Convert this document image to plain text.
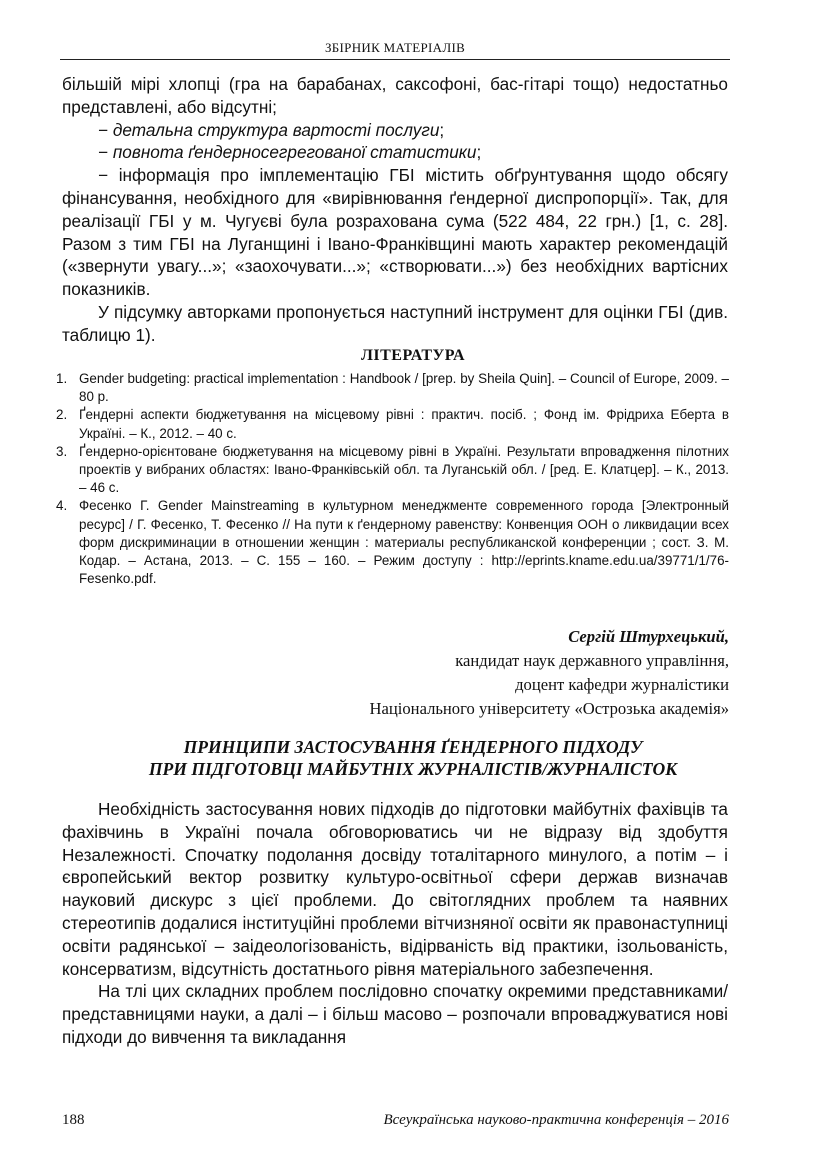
ЗБІРНИК МАТЕРІАЛІВ

більшій мірі хлопці (гра на барабанах, саксофоні, бас-гітарі тощо) недостатньо представлені, або відсутні;

− детальна структура вартості послуги;

− повнота ґендерносегрегованої статистики;

− інформація про імплементацію ГБІ містить обґрунтування щодо обсягу фінансування, необхідного для «вирівнювання ґендерної диспропорції». Так, для реалізації ГБІ у м. Чугуєві була розрахована сума (522 484, 22 грн.) [1, с. 28]. Разом з тим ГБІ на Луганщині і Івано-Франківщині мають характер рекомендацій («звернути увагу...»; «заохочувати...»; «створювати...») без необхідних вартісних показників.

У підсумку авторками пропонується наступний інструмент для оцінки ГБІ (див. таблицю 1).

ЛІТЕРАТУРА
1. Gender budgeting: practical implementation : Handbook / [prep. by Sheila Quin]. – Council of Europe, 2009. – 80 p.
2. Ґендерні аспекти бюджетування на місцевому рівні : практич. посіб. ; Фонд ім. Фрідриха Еберта в Україні. – К., 2012. – 40 с.
3. Ґендерно-орієнтоване бюджетування на місцевому рівні в Україні. Результати впровадження пілотних проектів у вибраних областях: Івано-Франківській обл. та Луганській обл. / [ред. Е. Клатцер]. – К., 2013. – 46 с.
4. Фесенко Г. Gender Mainstreaming в культурном менеджменте современного города [Электронный ресурс] / Г. Фесенко, Т. Фесенко // На пути к ґендерному равенству: Конвенция ООН о ликвидации всех форм дискриминации в отношении женщин : материалы республиканской конференции ; сост. З. М. Кодар. – Астана, 2013. – С. 155 – 160. – Режим доступу : http://eprints.kname.edu.ua/39771/1/76-Fesenko.pdf.
Сергій Штурхецький,
кандидат наук державного управління,
доцент кафедри журналістики
Національного університету «Острозька академія»
ПРИНЦИПИ ЗАСТОСУВАННЯ ҐЕНДЕРНОГО ПІДХОДУ
ПРИ ПІДГОТОВЦІ МАЙБУТНІХ ЖУРНАЛІСТІВ/ЖУРНАЛІСТОК

Необхідність застосування нових підходів до підготовки майбутніх фахівців та фахівчинь в Україні почала обговорюватись чи не відразу від здобуття Незалежності. Спочатку подолання досвіду тоталітарного минулого, а потім – і європейський вектор розвитку культуро-освітньої сфери держав визначав науковий дискурс з цієї проблеми. До світоглядних проблем та наявних стереотипів додалися інституційні проблеми вітчизняної освіти як правонаступниці освіти радянської – заідеологізованість, відірваність від практики, ізольованість, консерватизм, відсутність достатнього рівня матеріального забезпечення.

На тлі цих складних проблем послідовно спочатку окремими представниками/представницями науки, а далі – і більш масово – розпочали впроваджуватися нові підходи до вивчення та викладання

188	Всеукраїнська науково-практична конференція – 2016
